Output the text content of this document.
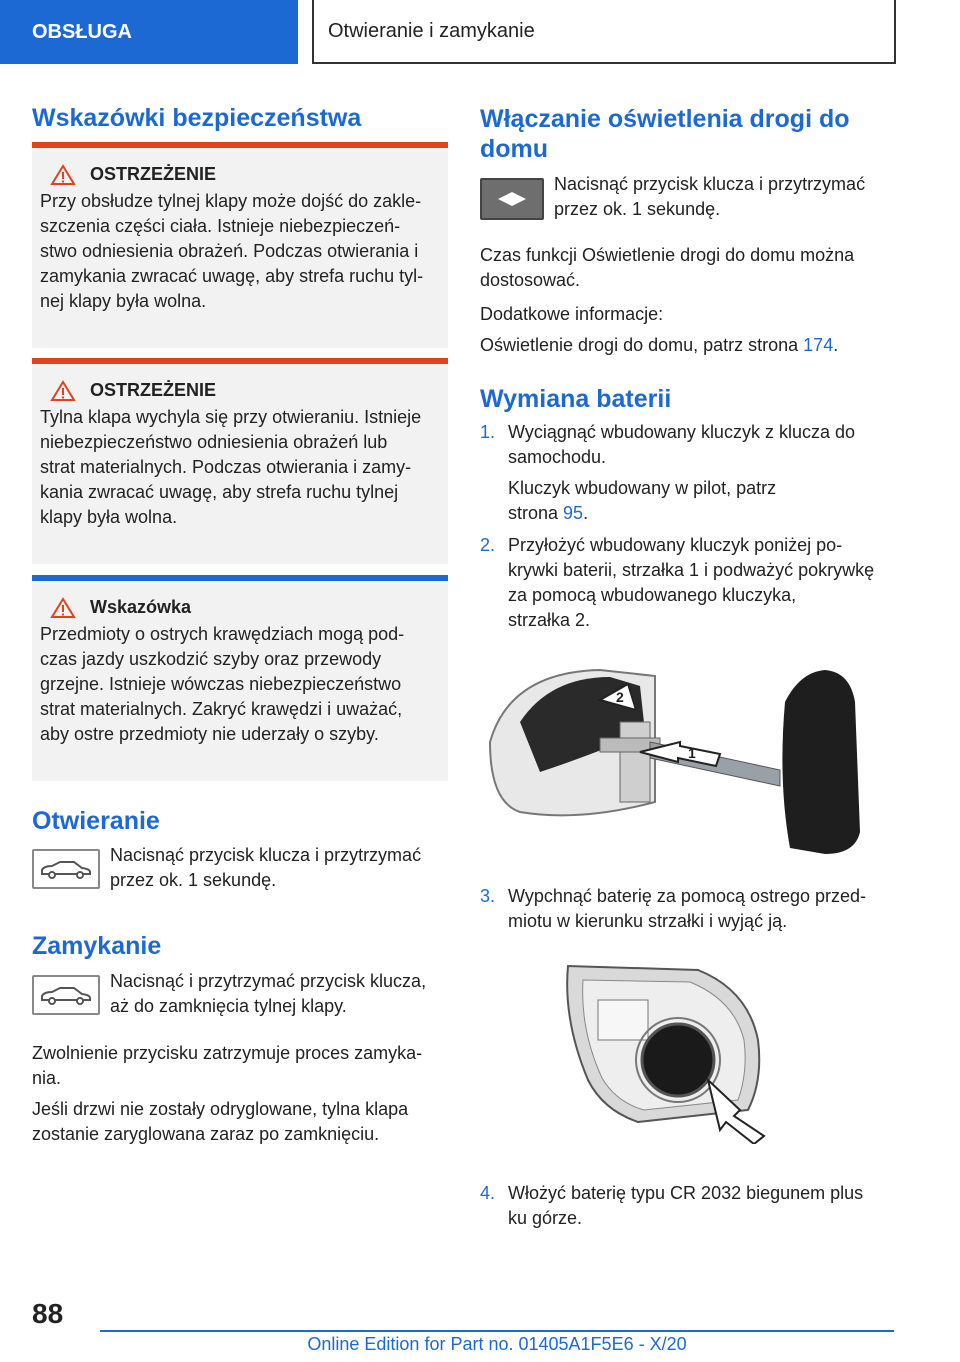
OBSŁUGA	Otwieranie i zamykanie
Wskazówki bezpieczeństwa
OSTRZEŻENIE
Przy obsłudze tylnej klapy może dojść do zakle-
szczenia części ciała. Istnieje niebezpieczeń-
stwo odniesienia obrażeń. Podczas otwierania i
zamykania zwracać uwagę, aby strefa ruchu tyl-
nej klapy była wolna.
OSTRZEŻENIE
Tylna klapa wychyla się przy otwieraniu. Istnieje
niebezpieczeństwo odniesienia obrażeń lub
strat materialnych. Podczas otwierania i zamy-
kania zwracać uwagę, aby strefa ruchu tylnej
klapy była wolna.
Wskazówka
Przedmioty o ostrych krawędziach mogą pod-
czas jazdy uszkodzić szyby oraz przewody
grzejne. Istnieje wówczas niebezpieczeństwo
strat materialnych. Zakryć krawędzi i uważać,
aby ostre przedmioty nie uderzały o szyby.
Otwieranie
Nacisnąć przycisk klucza i przytrzymać
przez ok. 1 sekundę.
Zamykanie
Nacisnąć i przytrzymać przycisk klucza,
aż do zamknięcia tylnej klapy.

Zwolnienie przycisku zatrzymuje proces zamyka-

nia.

Jeśli drzwi nie zostały odryglowane, tylna klapa

zostanie zaryglowana zaraz po zamknięciu.

Włączanie oświetlenia drogi do
domu
Nacisnąć przycisk klucza i przytrzymać
przez ok. 1 sekundę.

Czas funkcji Oświetlenie drogi do domu można

dostosować.

Dodatkowe informacje:

Oświetlenie drogi do domu, patrz strona 174.

Wymiana baterii
1. Wyciągnąć wbudowany kluczyk z klucza do
samochodu.
Kluczyk wbudowany w pilot, patrz
strona 95.
2. Przyłożyć wbudowany kluczyk poniżej po-
krywki baterii, strzałka 1 i podważyć pokrywkę
za pomocą wbudowanego kluczyka,
strzałka 2.
3. Wypchnąć baterię za pomocą ostrego przed-
miotu w kierunku strzałki i wyjąć ją.
4. Włożyć baterię typu CR 2032 biegunem plus
ku górze.
2
1
88
Online Edition for Part no. 01405A1F5E6 - X/20
